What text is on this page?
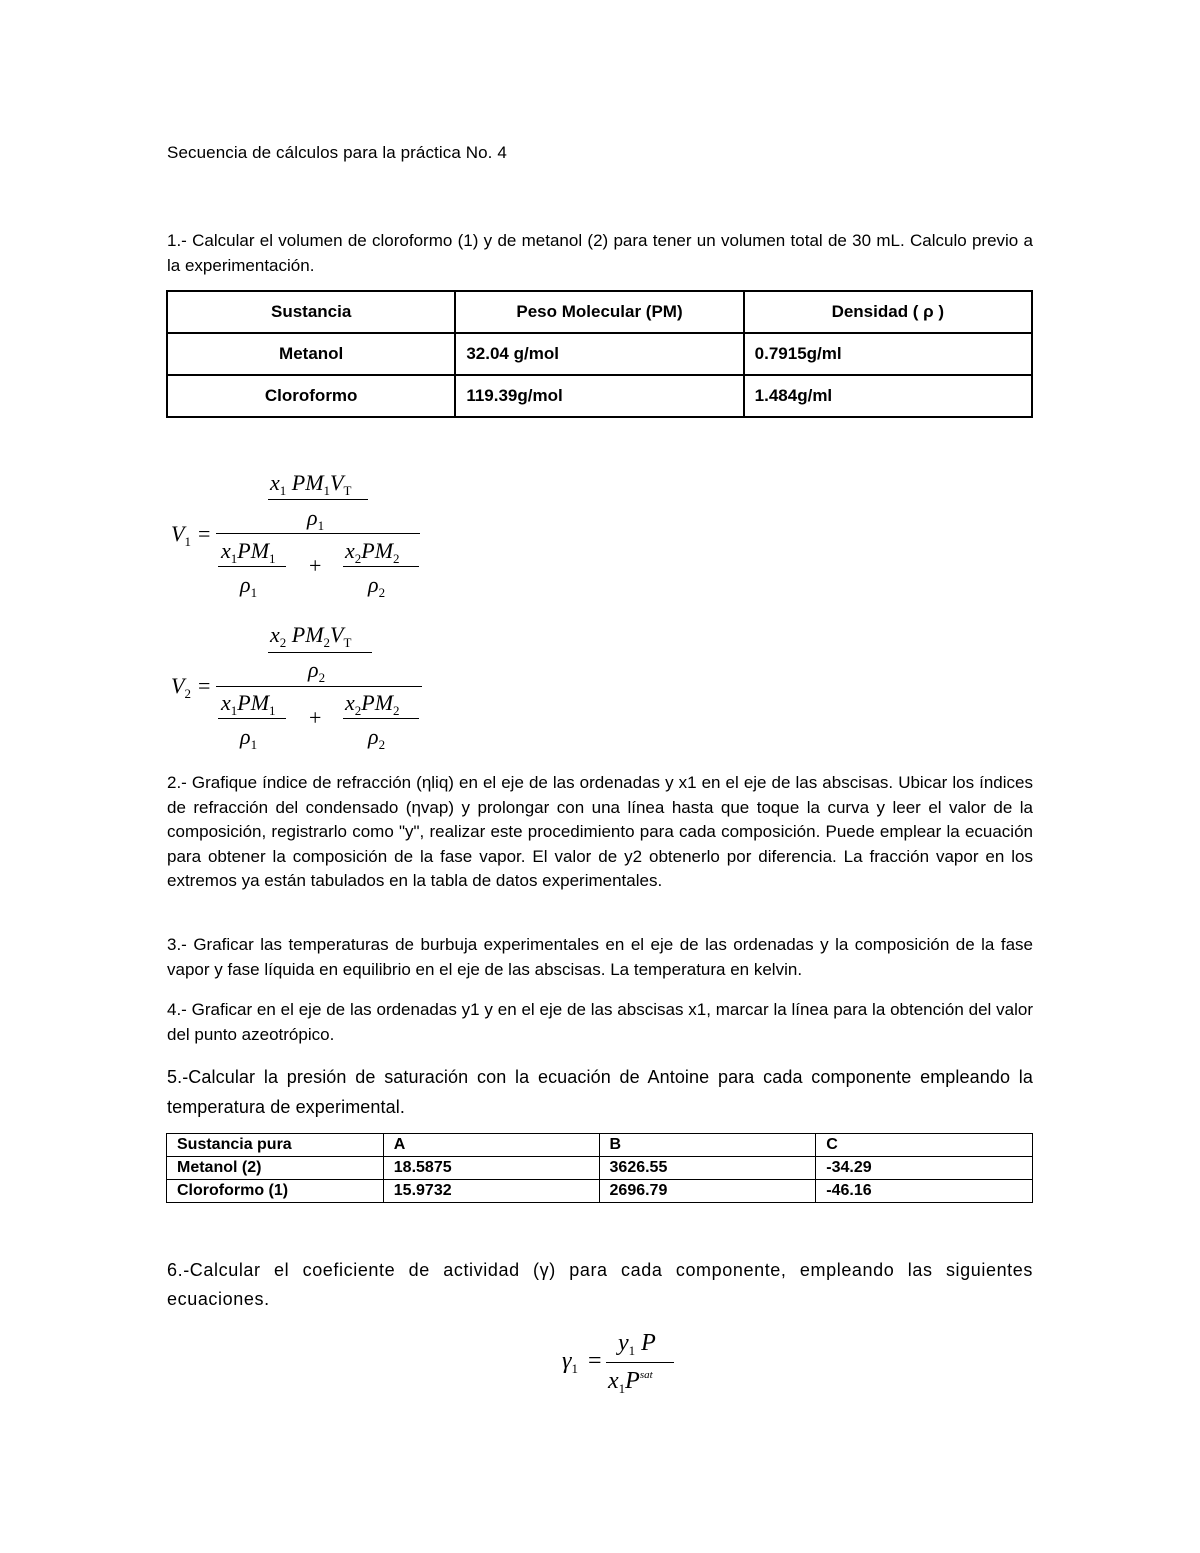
Secuencia de cálculos para la práctica No. 4
1.- Calcular el volumen de cloroformo (1) y de metanol (2) para tener un volumen total de 30 mL. Calculo previo a la experimentación.
Sustancia	Peso Molecular (PM)	Densidad ( ρ )
Metanol	32.04 g/mol	0.7915g/ml
Cloroformo	119.39g/mol	1.484g/ml
$V_1$ =
$x_1$ $PM_1V_T$
$\rho_1$
$x_1PM_1$
$\rho_1$
+
$x_2PM_2$
$\rho_2$
$V_2$ =
$x_2$ $PM_2V_T$
$\rho_2$
$x_1PM_1$
$\rho_1$
+
$x_2PM_2$
$\rho_2$
2.- Grafique índice de refracción (ηliq) en el eje de las ordenadas y x1 en el eje de las abscisas. Ubicar los índices de refracción del condensado (ηvap) y prolongar con una línea hasta que toque la curva y leer el valor de la composición, registrarlo como "y", realizar este procedimiento para cada composición. Puede emplear la ecuación para obtener la composición de la fase vapor. El valor de y2 obtenerlo por diferencia. La fracción vapor en los extremos ya están tabulados en la tabla de datos experimentales.
3.- Graficar las temperaturas de burbuja experimentales en el eje de las ordenadas y la composición de la fase vapor y fase líquida en equilibrio en el eje de las abscisas. La temperatura en kelvin.
4.- Graficar en el eje de las ordenadas y1 y en el eje de las abscisas x1, marcar la línea para la obtención del valor del punto azeotrópico.
5.-Calcular la presión de saturación con la ecuación de Antoine para cada componente empleando la temperatura de experimental.
Sustancia pura	A	B	C
Metanol (2)	18.5875	3626.55	-34.29
Cloroformo (1)	15.9732	2696.79	-46.16
6.-Calcular el coeficiente de actividad (γ) para cada componente, empleando las siguientes ecuaciones.
$\gamma_1$ =
$y_1$ P
$x_1P^{sat}$
